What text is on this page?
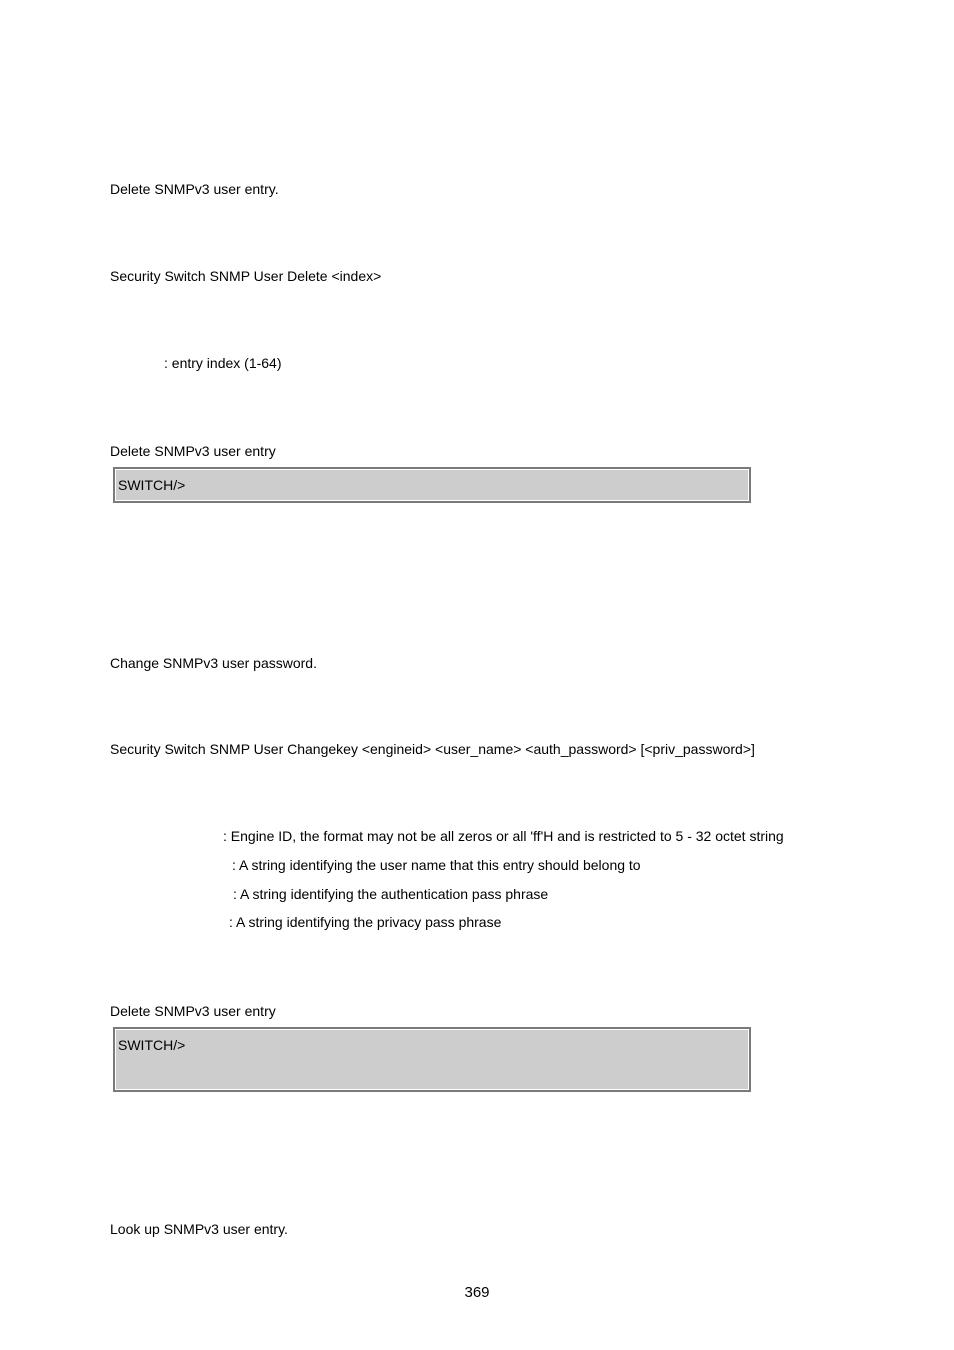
Delete SNMPv3 user entry.
Security Switch SNMP User Delete <index>
: entry index (1-64)
Delete SNMPv3 user entry
SWITCH/>
Change SNMPv3 user password.
Security Switch SNMP User Changekey <engineid> <user_name> <auth_password> [<priv_password>]
: Engine ID, the format may not be all zeros or all 'ff'H and is restricted to 5 - 32 octet string
: A string identifying the user name that this entry should belong to
: A string identifying the authentication pass phrase
: A string identifying the privacy pass phrase
Delete SNMPv3 user entry
SWITCH/>
Look up SNMPv3 user entry.
369
